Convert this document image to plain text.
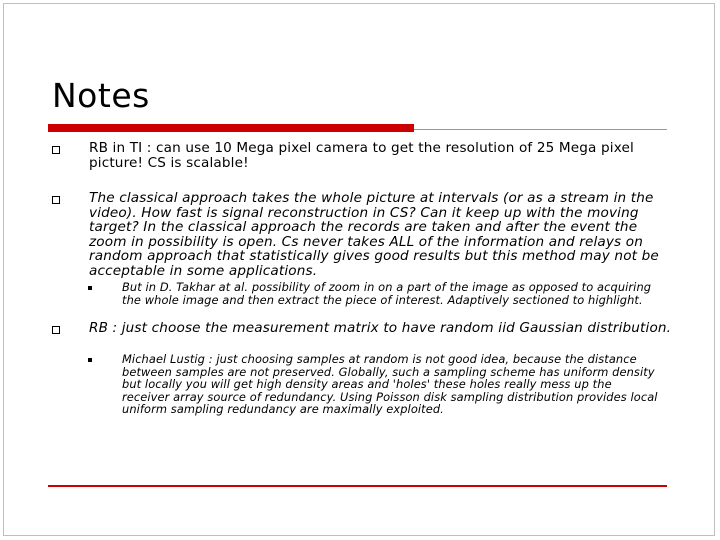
Notes
RB in TI : can use 10 Mega pixel camera to get the resolution of 25 Mega pixel picture! CS is scalable!
The classical approach takes the whole picture at intervals (or as a stream in the video). How fast is signal reconstruction in CS? Can it keep up with the moving target? In the classical approach the records are taken and after the event the zoom in possibility is open. Cs never takes ALL of the information and relays on random approach that statistically gives good results but this method may not be acceptable in some applications.
But in D. Takhar at al. possibility of zoom in on a part of the image as opposed to acquiring the whole image and then extract the piece of interest. Adaptively sectioned to highlight.
RB : just choose the measurement matrix to have random iid Gaussian distribution.
Michael Lustig : just choosing samples at random is not good idea, because the distance between samples are not preserved. Globally, such a sampling scheme has uniform density but locally you will get high density areas and 'holes' these holes really mess up the receiver array source of redundancy. Using Poisson disk sampling distribution provides local uniform sampling redundancy are maximally exploited.
